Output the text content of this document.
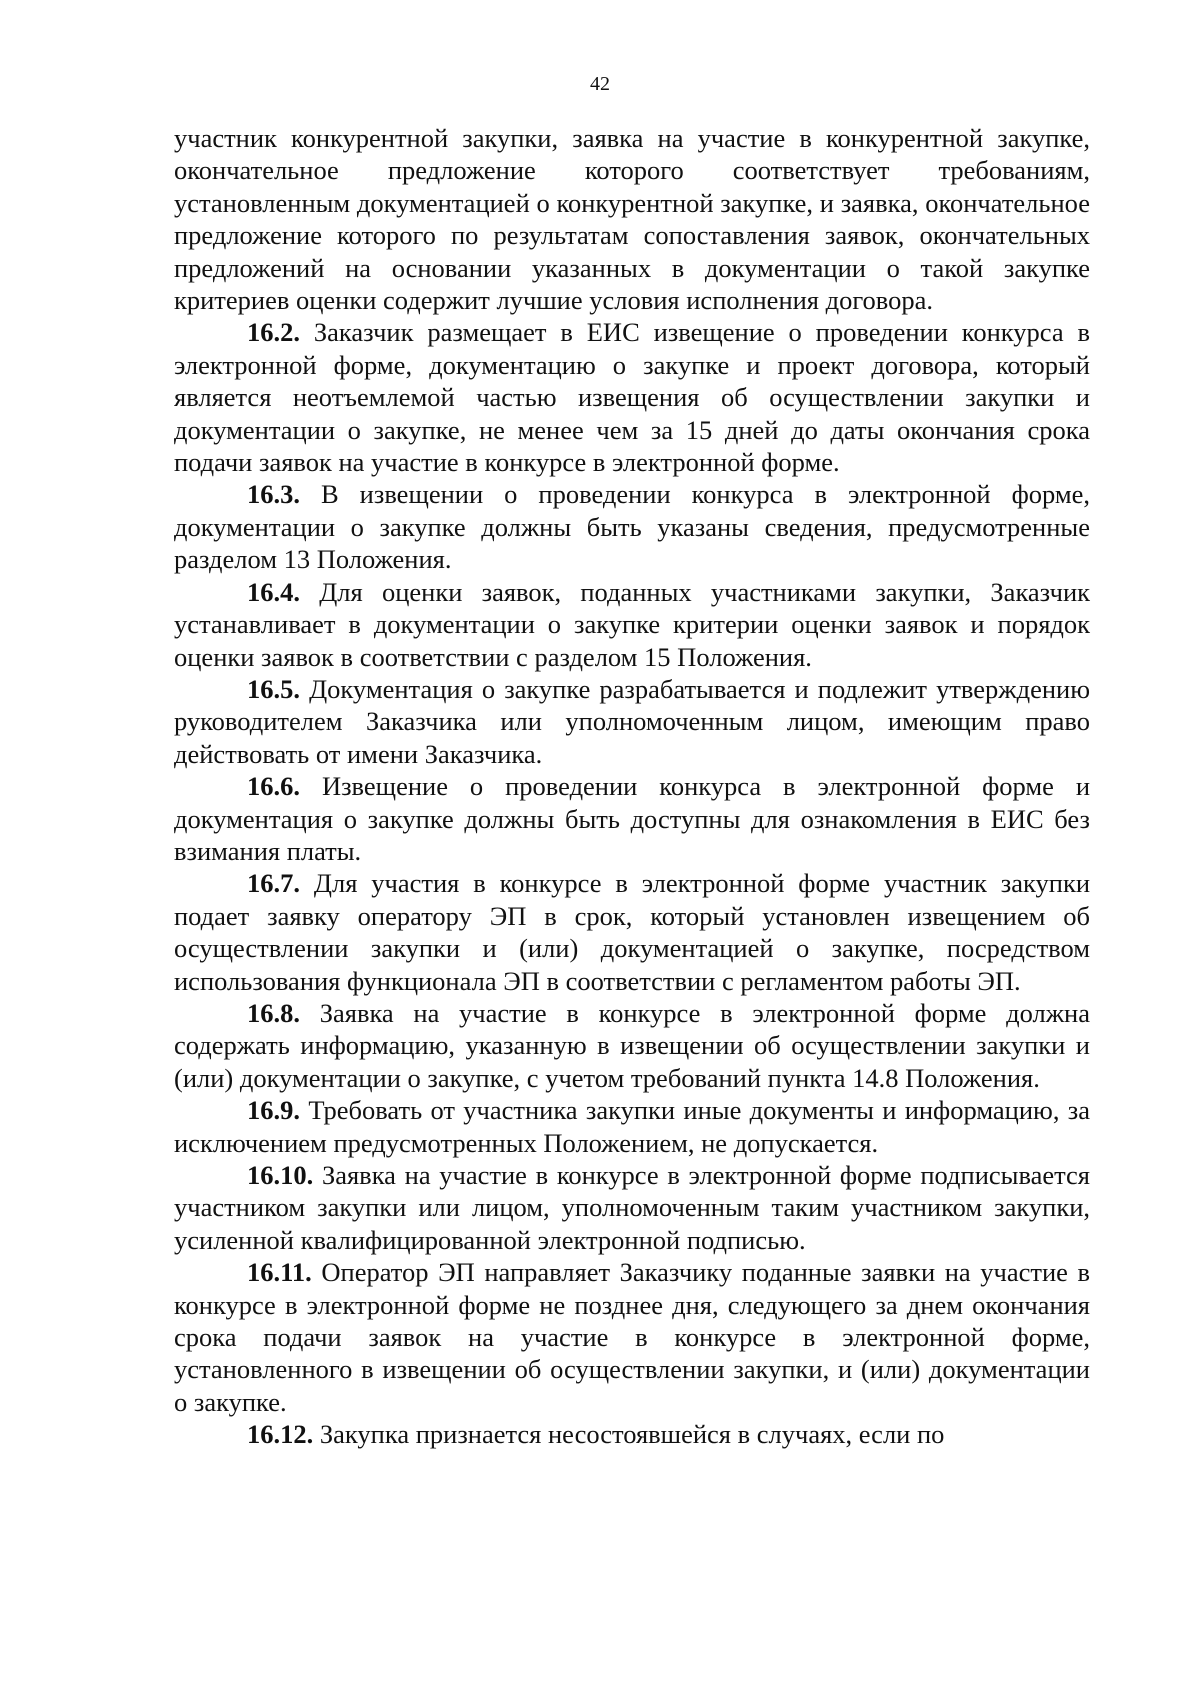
42

участник конкурентной закупки, заявка на участие в конкурентной закупке, окончательное предложение которого соответствует требованиям, установленным документацией о конкурентной закупке, и заявка, окончательное предложение которого по результатам сопоставления заявок, окончательных предложений на основании указанных в документации о такой закупке критериев оценки содержит лучшие условия исполнения договора.

16.2. Заказчик размещает в ЕИС извещение о проведении конкурса в электронной форме, документацию о закупке и проект договора, который является неотъемлемой частью извещения об осуществлении закупки и документации о закупке, не менее чем за 15 дней до даты окончания срока подачи заявок на участие в конкурсе в электронной форме.

16.3. В извещении о проведении конкурса в электронной форме, документации о закупке должны быть указаны сведения, предусмотренные разделом 13 Положения.

16.4. Для оценки заявок, поданных участниками закупки, Заказчик устанавливает в документации о закупке критерии оценки заявок и порядок оценки заявок в соответствии с разделом 15 Положения.

16.5. Документация о закупке разрабатывается и подлежит утверждению руководителем Заказчика или уполномоченным лицом, имеющим право действовать от имени Заказчика.

16.6. Извещение о проведении конкурса в электронной форме и документация о закупке должны быть доступны для ознакомления в ЕИС без взимания платы.

16.7. Для участия в конкурсе в электронной форме участник закупки подает заявку оператору ЭП в срок, который установлен извещением об осуществлении закупки и (или) документацией о закупке, посредством использования функционала ЭП в соответствии с регламентом работы ЭП.

16.8. Заявка на участие в конкурсе в электронной форме должна содержать информацию, указанную в извещении об осуществлении закупки и (или) документации о закупке, с учетом требований пункта 14.8 Положения.

16.9. Требовать от участника закупки иные документы и информацию, за исключением предусмотренных Положением, не допускается.

16.10. Заявка на участие в конкурсе в электронной форме подписывается участником закупки или лицом, уполномоченным таким участником закупки, усиленной квалифицированной электронной подписью.

16.11. Оператор ЭП направляет Заказчику поданные заявки на участие в конкурсе в электронной форме не позднее дня, следующего за днем окончания срока подачи заявок на участие в конкурсе в электронной форме, установленного в извещении об осуществлении закупки, и (или) документации о закупке.

16.12. Закупка признается несостоявшейся в случаях, если по
